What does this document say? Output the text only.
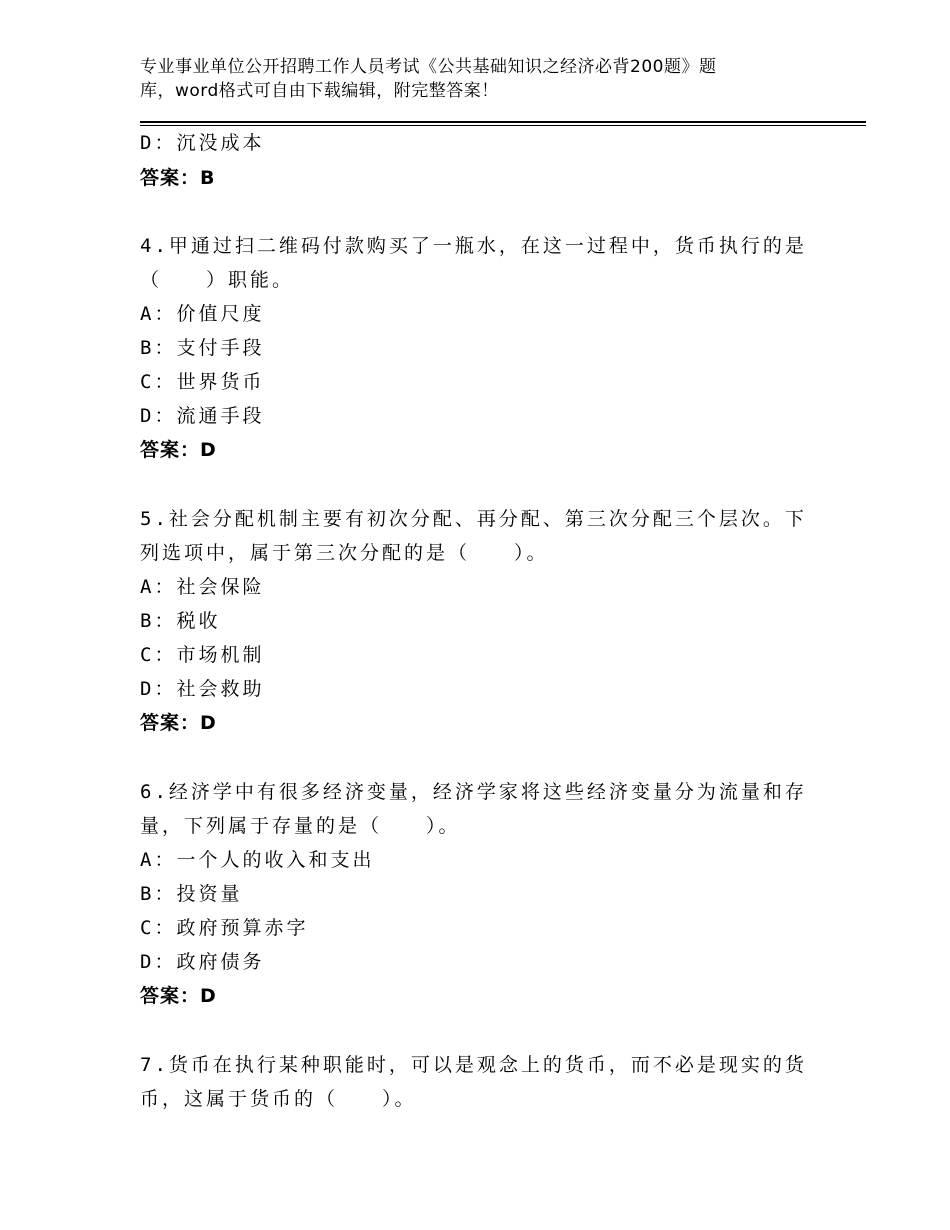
专业事业单位公开招聘工作人员考试《公共基础知识之经济必背200题》题
库，word格式可自由下载编辑，附完整答案！
D：沉没成本
答案：B
4.甲通过扫二维码付款购买了一瓶水，在这一过程中，货币执行的是
（　　）职能。
A：价值尺度
B：支付手段
C：世界货币
D：流通手段
答案：D
5.社会分配机制主要有初次分配、再分配、第三次分配三个层次。下
列选项中，属于第三次分配的是（　　）。
A：社会保险
B：税收
C：市场机制
D：社会救助
答案：D
6.经济学中有很多经济变量，经济学家将这些经济变量分为流量和存
量，下列属于存量的是（　　）。
A：一个人的收入和支出
B：投资量
C：政府预算赤字
D：政府债务
答案：D
7.货币在执行某种职能时，可以是观念上的货币，而不必是现实的货
币，这属于货币的（　　）。
